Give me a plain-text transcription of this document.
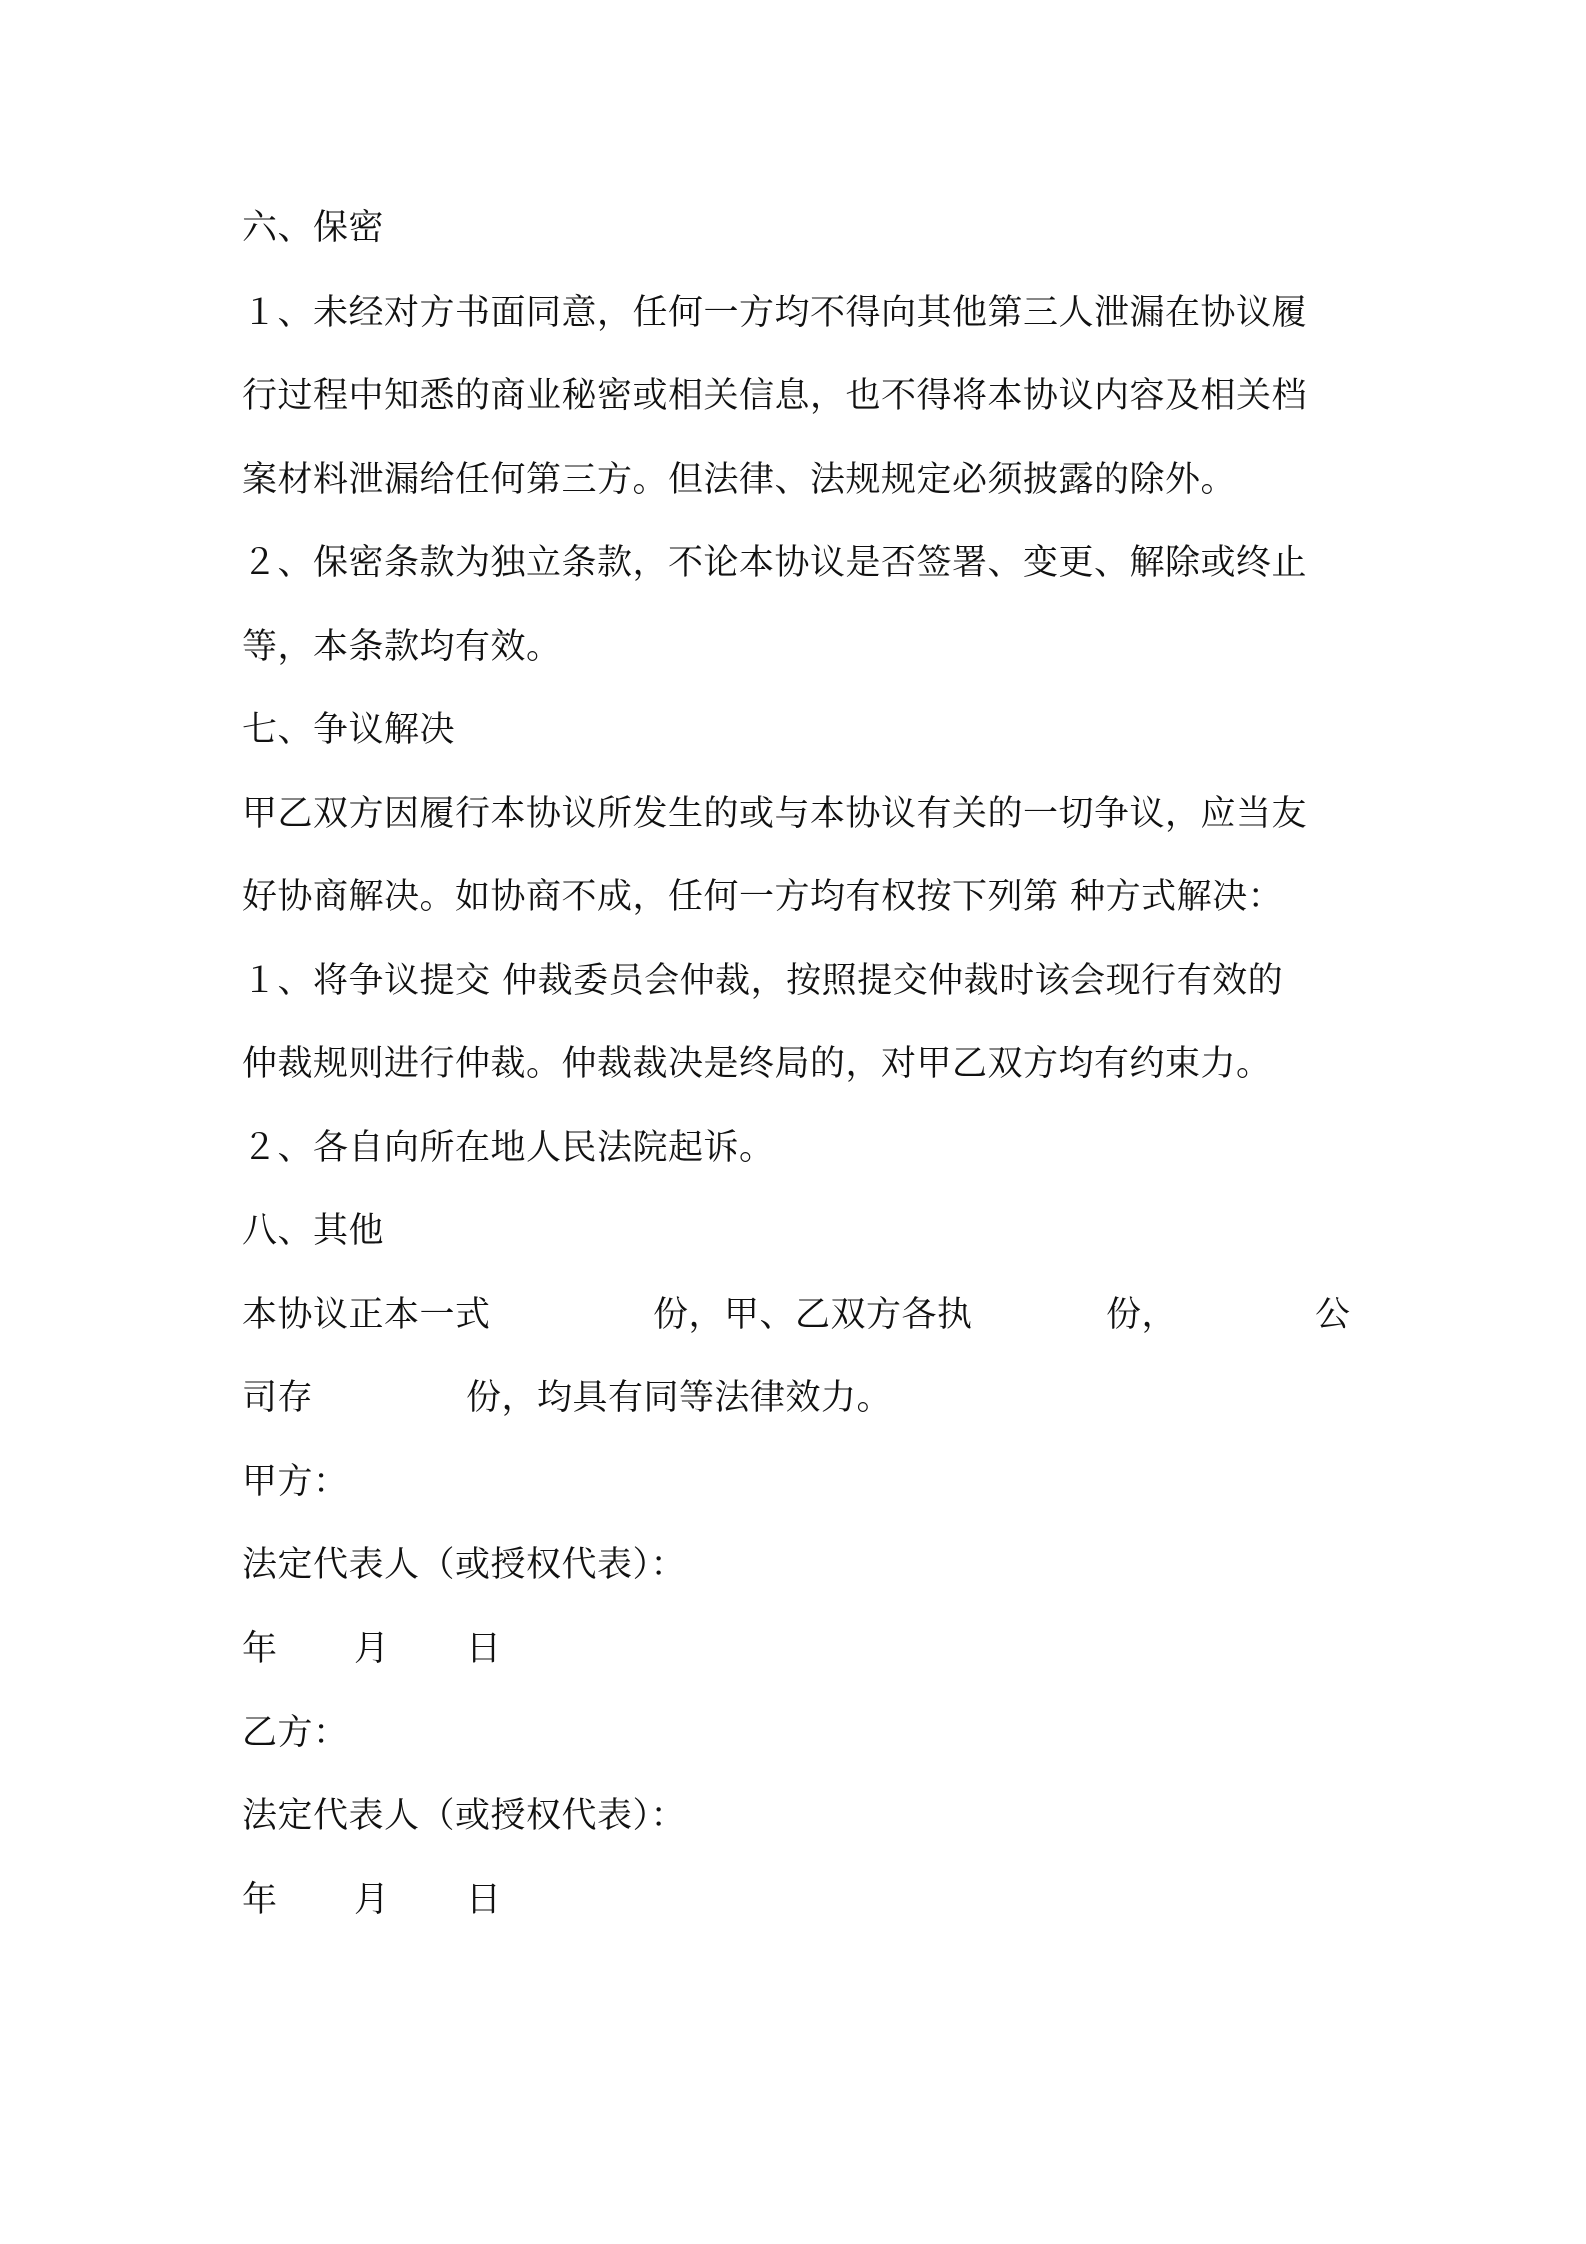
六、保密
１、未经对方书面同意，任何一方均不得向其他第三人泄漏在协议履
行过程中知悉的商业秘密或相关信息，也不得将本协议内容及相关档
案材料泄漏给任何第三方。但法律、法规规定必须披露的除外。
２、保密条款为独立条款，不论本协议是否签署、变更、解除或终止
等，本条款均有效。
七、争议解决
甲乙双方因履行本协议所发生的或与本协议有关的一切争议，应当友
好协商解决。如协商不成，任何一方均有权按下列第 种方式解决：
１、将争议提交 仲裁委员会仲裁，按照提交仲裁时该会现行有效的
仲裁规则进行仲裁。仲裁裁决是终局的，对甲乙双方均有约束力。
２、各自向所在地人民法院起诉。
八、其他
本协议正本一式	份，甲、乙双方各执	份，	公
司存	份，均具有同等法律效力。
甲方：
法定代表人（或授权代表）：
年 月 日
乙方：
法定代表人（或授权代表）：
年 月 日
